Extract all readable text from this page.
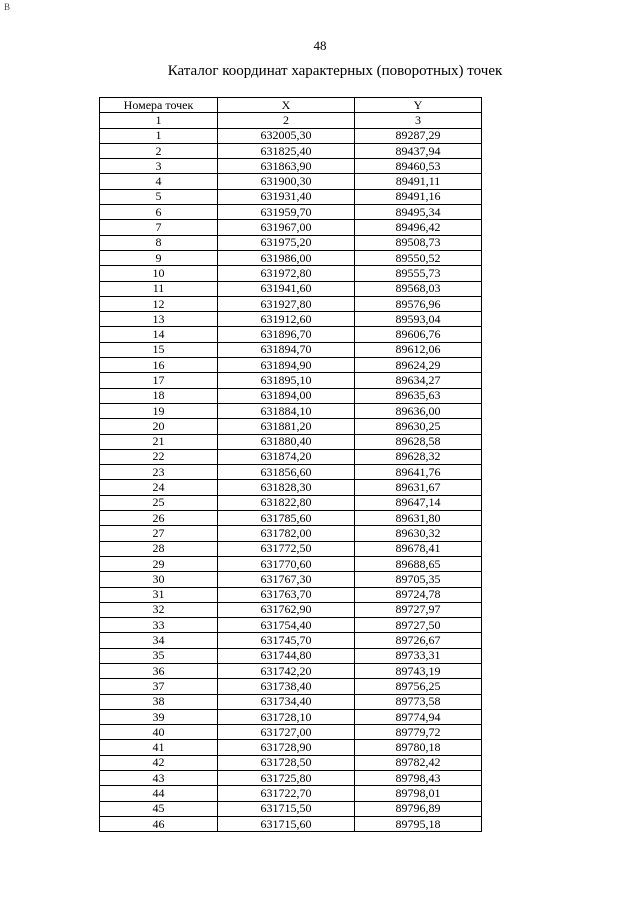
B
48
Каталог координат характерных (поворотных) точек
Номера точек	X	Y
1	2	3
1	632005,30	89287,29
2	631825,40	89437,94
3	631863,90	89460,53
4	631900,30	89491,11
5	631931,40	89491,16
6	631959,70	89495,34
7	631967,00	89496,42
8	631975,20	89508,73
9	631986,00	89550,52
10	631972,80	89555,73
11	631941,60	89568,03
12	631927,80	89576,96
13	631912,60	89593,04
14	631896,70	89606,76
15	631894,70	89612,06
16	631894,90	89624,29
17	631895,10	89634,27
18	631894,00	89635,63
19	631884,10	89636,00
20	631881,20	89630,25
21	631880,40	89628,58
22	631874,20	89628,32
23	631856,60	89641,76
24	631828,30	89631,67
25	631822,80	89647,14
26	631785,60	89631,80
27	631782,00	89630,32
28	631772,50	89678,41
29	631770,60	89688,65
30	631767,30	89705,35
31	631763,70	89724,78
32	631762,90	89727,97
33	631754,40	89727,50
34	631745,70	89726,67
35	631744,80	89733,31
36	631742,20	89743,19
37	631738,40	89756,25
38	631734,40	89773,58
39	631728,10	89774,94
40	631727,00	89779,72
41	631728,90	89780,18
42	631728,50	89782,42
43	631725,80	89798,43
44	631722,70	89798,01
45	631715,50	89796,89
46	631715,60	89795,18
